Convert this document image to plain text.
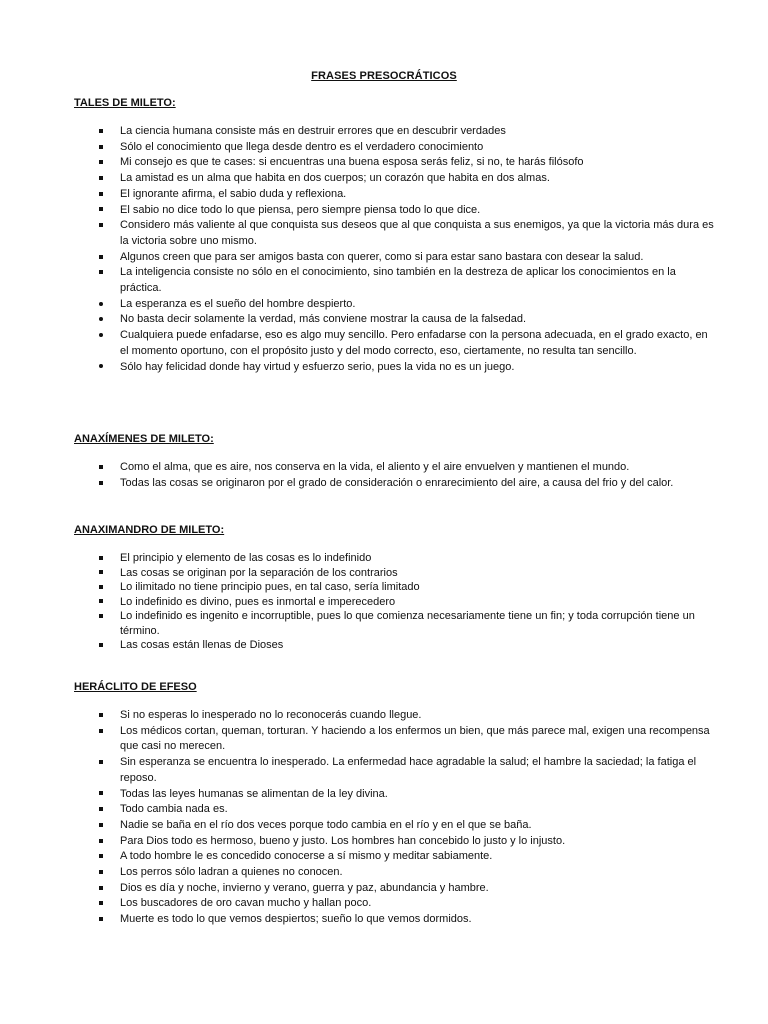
FRASES PRESOCRÁTICOS
TALES DE MILETO:
La ciencia humana consiste más en destruir errores que en descubrir verdades
Sólo el conocimiento que llega desde dentro es el verdadero conocimiento
Mi consejo es que te cases: si encuentras una buena esposa serás feliz, si no, te harás filósofo
La amistad es un alma que habita en dos cuerpos; un corazón que habita en dos almas.
El ignorante afirma, el sabio duda y reflexiona.
El sabio no dice todo lo que piensa, pero siempre piensa todo lo que dice.
Considero más valiente al que conquista sus deseos que al que conquista a sus enemigos, ya que la victoria más dura es la victoria sobre uno mismo.
Algunos creen que para ser amigos basta con querer, como si para estar sano bastara con desear la salud.
La inteligencia consiste no sólo en el conocimiento, sino también en la destreza de aplicar los conocimientos en la práctica.
La esperanza es el sueño del hombre despierto.
No basta decir solamente la verdad, más conviene mostrar la causa de la falsedad.
Cualquiera puede enfadarse, eso es algo muy sencillo. Pero enfadarse con la persona adecuada, en el grado exacto, en el momento oportuno, con el propósito justo y del modo correcto, eso, ciertamente, no resulta tan sencillo.
Sólo hay felicidad donde hay virtud y esfuerzo serio, pues la vida no es un juego.
ANAXÍMENES DE MILETO:
Como el alma, que es aire, nos conserva en la vida, el aliento y el aire envuelven y mantienen el mundo.
Todas las cosas se originaron por el grado de consideración o enrarecimiento del aire, a causa del frio y del calor.
ANAXIMANDRO DE MILETO:
El principio y elemento de las cosas es lo indefinido
Las cosas se originan por la separación de los contrarios
Lo ilimitado no tiene principio pues, en tal caso, sería limitado
Lo indefinido es divino, pues es inmortal e imperecedero
Lo indefinido es ingenito e incorruptible, pues lo que comienza necesariamente tiene un fin; y toda corrupción tiene un término.
Las cosas están llenas de Dioses
HERÁCLITO DE EFESO
Si no esperas lo inesperado no lo reconocerás cuando llegue.
Los médicos cortan, queman, torturan. Y haciendo a los enfermos un bien, que más parece mal, exigen una recompensa que casi no merecen.
Sin esperanza se encuentra lo inesperado. La enfermedad hace agradable la salud; el hambre la saciedad; la fatiga el reposo.
Todas las leyes humanas se alimentan de la ley divina.
Todo cambia nada es.
Nadie se baña en el río dos veces porque todo cambia en el río y en el que se baña.
Para Dios todo es hermoso, bueno y justo. Los hombres han concebido lo justo y lo injusto.
A todo hombre le es concedido conocerse a sí mismo y meditar sabiamente.
Los perros sólo ladran a quienes no conocen.
Dios es día y noche, invierno y verano, guerra y paz, abundancia y hambre.
Los buscadores de oro cavan mucho y hallan poco.
Muerte es todo lo que vemos despiertos; sueño lo que vemos dormidos.
